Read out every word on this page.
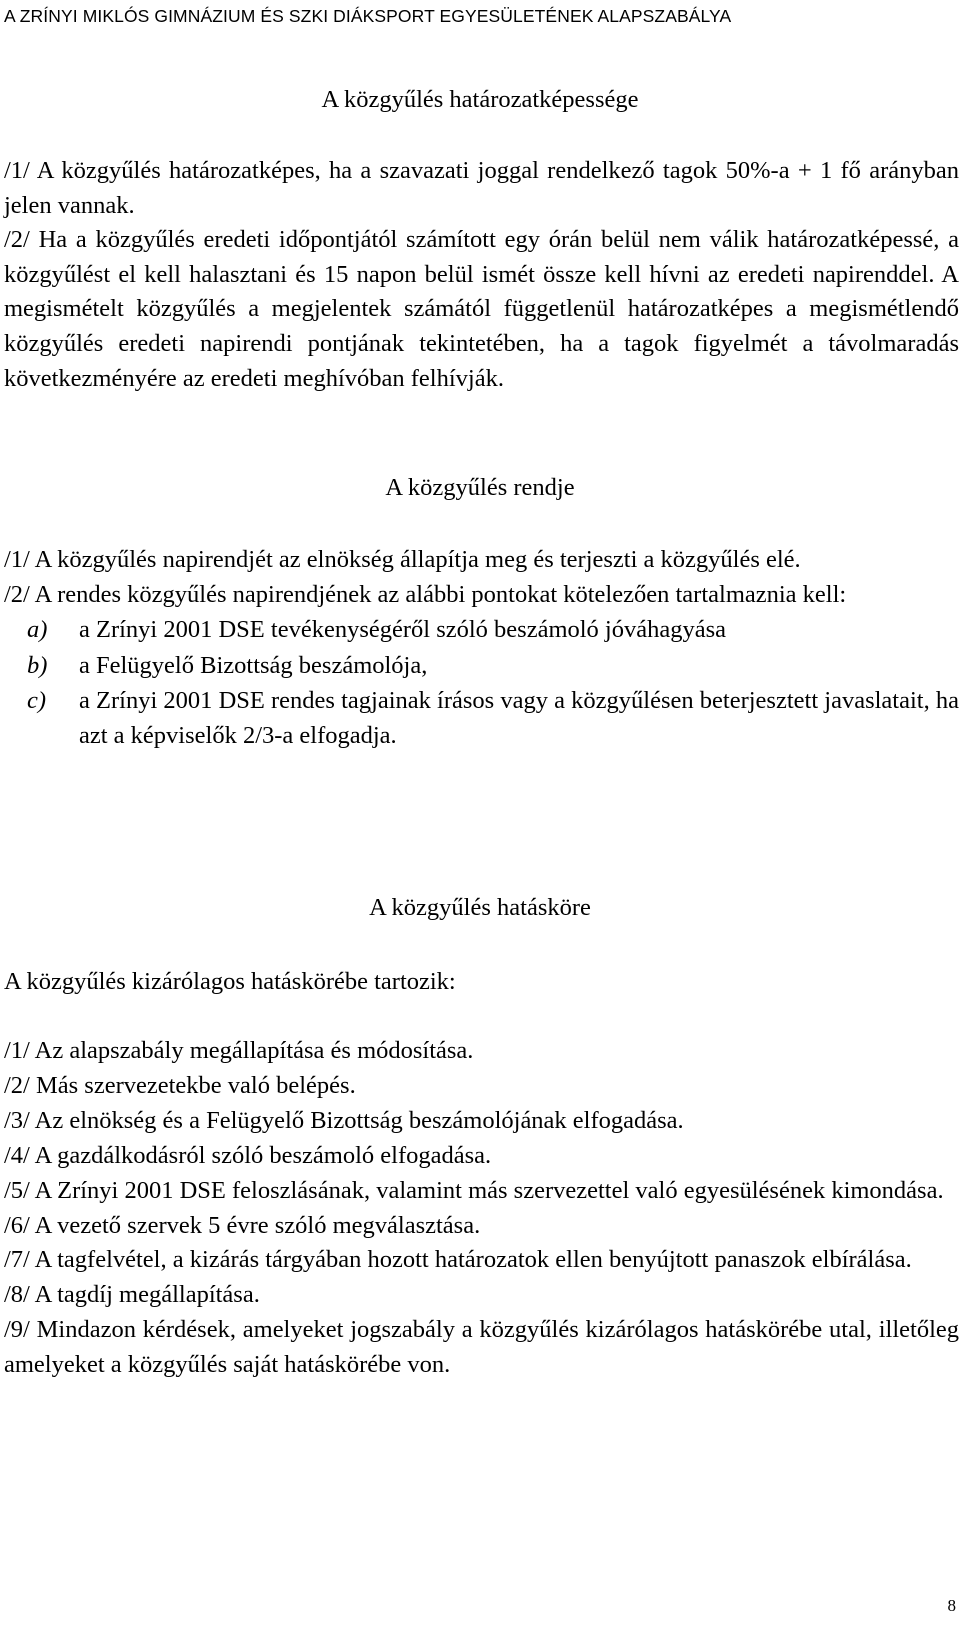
A ZRÍNYI MIKLÓS GIMNÁZIUM ÉS SZKI DIÁKSPORT EGYESÜLETÉNEK ALAPSZABÁLYA
A közgyűlés határozatképessége

/1/ A közgyűlés határozatképes, ha a szavazati joggal rendelkező tagok 50%-a + 1 fő arányban jelen vannak.

/2/ Ha a közgyűlés eredeti időpontjától számított egy órán belül nem válik határozatképessé, a közgyűlést el kell halasztani és 15 napon belül ismét össze kell hívni az eredeti napirenddel. A megismételt közgyűlés a megjelentek számától függetlenül határozatképes a megismétlendő közgyűlés eredeti napirendi pontjának tekintetében, ha a tagok figyelmét a távolmaradás következményére az eredeti meghívóban felhívják.

A közgyűlés rendje

/1/ A közgyűlés napirendjét az elnökség állapítja meg és terjeszti a közgyűlés elé.

/2/ A rendes közgyűlés napirendjének az alábbi pontokat kötelezően tartalmaznia kell:

a) a Zrínyi 2001 DSE tevékenységéről szóló beszámoló jóváhagyása
b) a Felügyelő Bizottság beszámolója,
c) a Zrínyi 2001 DSE rendes tagjainak írásos vagy a közgyűlésen beterjesztett javaslatait, ha azt a képviselők 2/3-a elfogadja.
A közgyűlés hatásköre

A közgyűlés kizárólagos hatáskörébe tartozik:

/1/ Az alapszabály megállapítása és módosítása.

/2/ Más szervezetekbe való belépés.

/3/ Az elnökség és a Felügyelő Bizottság beszámolójának elfogadása.

/4/ A gazdálkodásról szóló beszámoló elfogadása.

/5/ A Zrínyi 2001 DSE feloszlásának, valamint más szervezettel való egyesülésének kimondása.

/6/ A vezető szervek 5 évre szóló megválasztása.

/7/ A tagfelvétel, a kizárás tárgyában hozott határozatok ellen benyújtott panaszok elbírálása.

/8/ A tagdíj megállapítása.

/9/ Mindazon kérdések, amelyeket jogszabály a közgyűlés kizárólagos hatáskörébe utal, illetőleg amelyeket a közgyűlés saját hatáskörébe von.

8
